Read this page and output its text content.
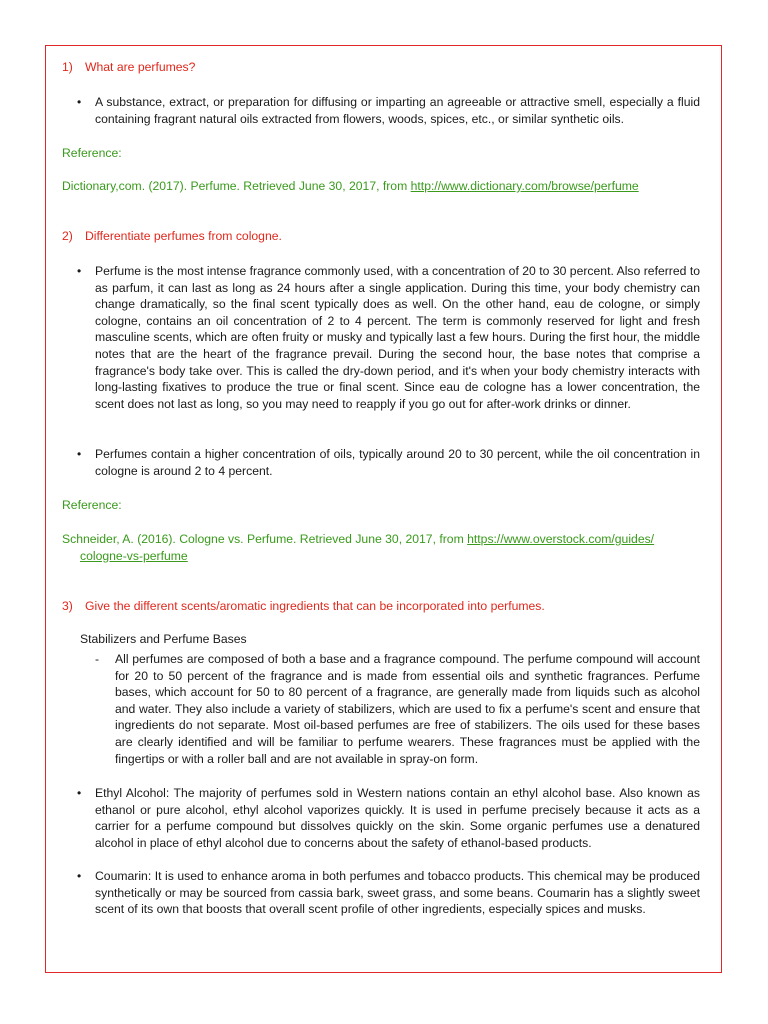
1) What are perfumes?
• A substance, extract, or preparation for diffusing or imparting an agreeable or attractive smell, especially a fluid containing fragrant natural oils extracted from flowers, woods, spices, etc., or similar synthetic oils.
Reference:
Dictionary,com. (2017). Perfume. Retrieved June 30, 2017, from http://www.dictionary.com/browse/perfume
2) Differentiate perfumes from cologne.
• Perfume is the most intense fragrance commonly used, with a concentration of 20 to 30 percent. Also referred to as parfum, it can last as long as 24 hours after a single application. During this time, your body chemistry can change dramatically, so the final scent typically does as well. On the other hand, eau de cologne, or simply cologne, contains an oil concentration of 2 to 4 percent. The term is commonly reserved for light and fresh masculine scents, which are often fruity or musky and typically last a few hours. During the first hour, the middle notes that are the heart of the fragrance prevail. During the second hour, the base notes that comprise a fragrance's body take over. This is called the dry-down period, and it's when your body chemistry interacts with long-lasting fixatives to produce the true or final scent. Since eau de cologne has a lower concentration, the scent does not last as long, so you may need to reapply if you go out for after-work drinks or dinner.
• Perfumes contain a higher concentration of oils, typically around 20 to 30 percent, while the oil concentration in cologne is around 2 to 4 percent.
Reference:
Schneider, A. (2016). Cologne vs. Perfume. Retrieved June 30, 2017, from https://www.overstock.com/guides/
cologne-vs-perfume
3) Give the different scents/aromatic ingredients that can be incorporated into perfumes.
Stabilizers and Perfume Bases
- All perfumes are composed of both a base and a fragrance compound. The perfume compound will account for 20 to 50 percent of the fragrance and is made from essential oils and synthetic fragrances. Perfume bases, which account for 50 to 80 percent of a fragrance, are generally made from liquids such as alcohol and water. They also include a variety of stabilizers, which are used to fix a perfume's scent and ensure that ingredients do not separate. Most oil-based perfumes are free of stabilizers. The oils used for these bases are clearly identified and will be familiar to perfume wearers. These fragrances must be applied with the fingertips or with a roller ball and are not available in spray-on form.
• Ethyl Alcohol: The majority of perfumes sold in Western nations contain an ethyl alcohol base. Also known as ethanol or pure alcohol, ethyl alcohol vaporizes quickly. It is used in perfume precisely because it acts as a carrier for a perfume compound but dissolves quickly on the skin. Some organic perfumes use a denatured alcohol in place of ethyl alcohol due to concerns about the safety of ethanol-based products.
• Coumarin: It is used to enhance aroma in both perfumes and tobacco products. This chemical may be produced synthetically or may be sourced from cassia bark, sweet grass, and some beans. Coumarin has a slightly sweet scent of its own that boosts that overall scent profile of other ingredients, especially spices and musks.
